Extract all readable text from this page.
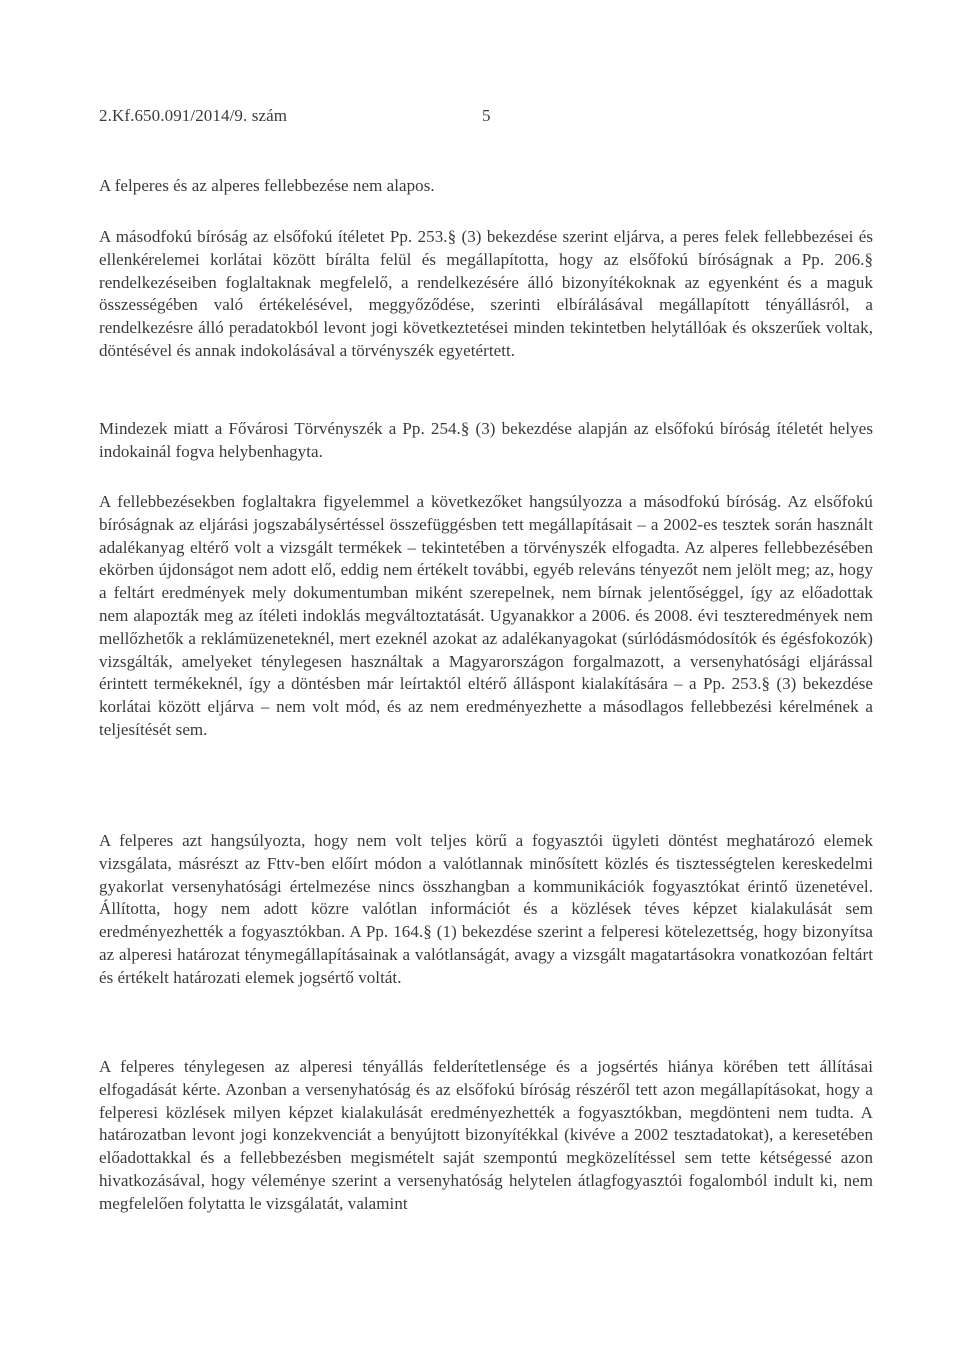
2.Kf.650.091/2014/9. szám	5

A felperes és az alperes fellebbezése nem alapos.

A másodfokú bíróság az elsőfokú ítéletet Pp. 253.§ (3) bekezdése szerint eljárva, a peres felek fellebbezései és ellenkérelemei korlátai között bírálta felül és megállapította, hogy az elsőfokú bíróságnak a Pp. 206.§ rendelkezéseiben foglaltaknak megfelelő, a rendelkezésére álló bizonyítékoknak az egyenként és a maguk összességében való értékelésével, meggyőződése, szerinti elbírálásával megállapított tényállásról, a rendelkezésre álló peradatokból levont jogi következtetései minden tekintetben helytállóak és okszerűek voltak, döntésével és annak indokolásával a törvényszék egyetértett.

Mindezek miatt a Fővárosi Törvényszék a Pp. 254.§ (3) bekezdése alapján az elsőfokú bíróság ítéletét helyes indokainál fogva helybenhagyta.

A fellebbezésekben foglaltakra figyelemmel a következőket hangsúlyozza a másodfokú bíróság. Az elsőfokú bíróságnak az eljárási jogszabálysértéssel összefüggésben tett megállapításait – a 2002-es tesztek során használt adalékanyag eltérő volt a vizsgált termékek – tekintetében a törvényszék elfogadta. Az alperes fellebbezésében ekörben újdonságot nem adott elő, eddig nem értékelt további, egyéb releváns tényezőt nem jelölt meg; az, hogy a feltárt eredmények mely dokumentumban miként szerepelnek, nem bírnak jelentőséggel, így az előadottak nem alapozták meg az ítéleti indoklás megváltoztatását. Ugyanakkor a 2006. és 2008. évi teszteredmények nem mellőzhetők a reklámüzeneteknél, mert ezeknél azokat az adalékanyagokat (súrlódásmódosítók és égésfokozók) vizsgálták, amelyeket ténylegesen használtak a Magyarországon forgalmazott, a versenyhatósági eljárással érintett termékeknél, így a döntésben már leírtaktól eltérő álláspont kialakítására – a Pp. 253.§ (3) bekezdése korlátai között eljárva – nem volt mód, és az nem eredményezhette a másodlagos fellebbezési kérelmének a teljesítését sem.

A felperes azt hangsúlyozta, hogy nem volt teljes körű a fogyasztói ügyleti döntést meghatározó elemek vizsgálata, másrészt az Fttv-ben előírt módon a valótlannak minősített közlés és tisztességtelen kereskedelmi gyakorlat versenyhatósági értelmezése nincs összhangban a kommunikációk fogyasztókat érintő üzenetével. Állította, hogy nem adott közre valótlan információt és a közlések téves képzet kialakulását sem eredményezhették a fogyasztókban. A Pp. 164.§ (1) bekezdése szerint a felperesi kötelezettség, hogy bizonyítsa az alperesi határozat ténymegállapításainak a valótlanságát, avagy a vizsgált magatartásokra vonatkozóan feltárt és értékelt határozati elemek jogsértő voltát.

A felperes ténylegesen az alperesi tényállás felderítetlensége és a jogsértés hiánya körében tett állításai elfogadását kérte. Azonban a versenyhatóság és az elsőfokú bíróság részéről tett azon megállapításokat, hogy a felperesi közlések milyen képzet kialakulását eredményezhették a fogyasztókban, megdönteni nem tudta. A határozatban levont jogi konzekvenciát a benyújtott bizonyítékkal (kivéve a 2002 tesztadatokat), a keresetében előadottakkal és a fellebbezésben megismételt saját szempontú megközelítéssel sem tette kétségessé azon hivatkozásával, hogy véleménye szerint a versenyhatóság helytelen átlagfogyasztói fogalomból indult ki, nem megfelelően folytatta le vizsgálatát, valamint
